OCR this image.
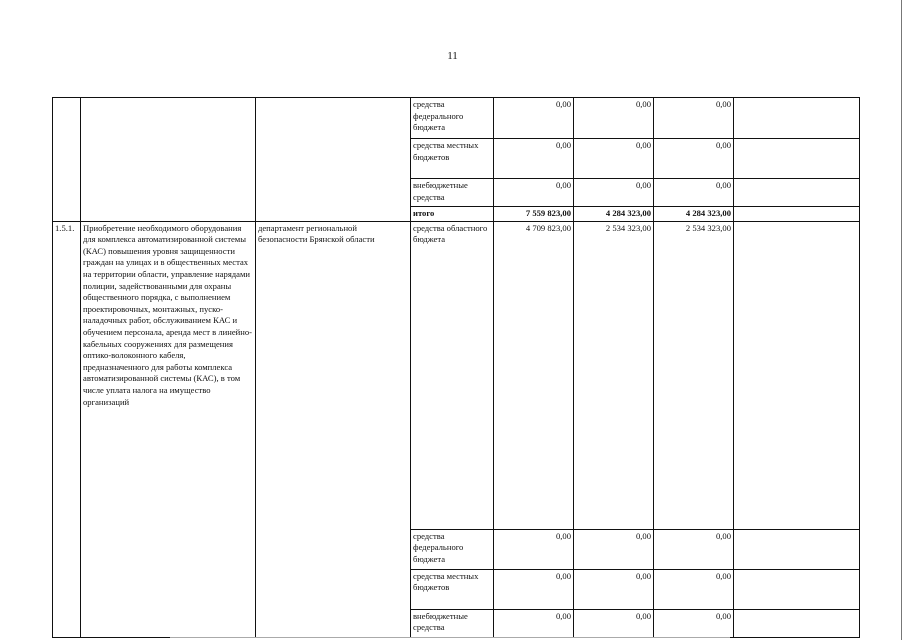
11
			средства федерального бюджета	0,00	0,00	0,00	
			средства местных бюджетов	0,00	0,00	0,00	
			внебюджетные средства	0,00	0,00	0,00	
			итого	7 559 823,00	4 284 323,00	4 284 323,00	
1.5.1.	Приобретение необходимого оборудования для комплекса автоматизированной системы (КАС) повышения уровня защищенности граждан на улицах и в общественных местах на территории области, управление нарядами полиции, задействованными для охраны общественного порядка, с выполнением проектировочных, монтажных, пуско-наладочных работ, обслуживанием КАС и обучением персонала, аренда мест в линейно-кабельных сооружениях для размещения оптико-волоконного кабеля, предназначенного для работы комплекса автоматизированной системы (КАС), в том числе уплата налога на имущество организаций	департамент региональной безопасности Брянской области	средства областного бюджета	4 709 823,00	2 534 323,00	2 534 323,00	
			средства федерального бюджета	0,00	0,00	0,00	
			средства местных бюджетов	0,00	0,00	0,00	
			внебюджетные средства	0,00	0,00	0,00	
